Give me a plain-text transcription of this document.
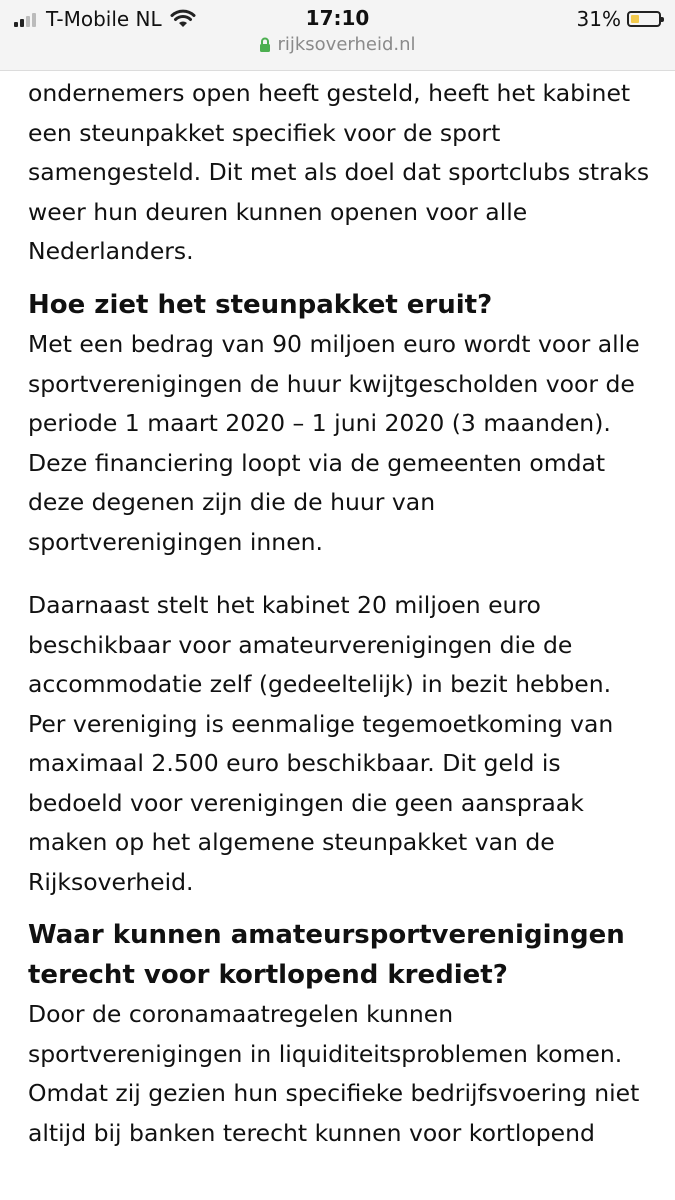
ondernemers open heeft gesteld, heeft het kabinet een steunpakket specifiek voor de sport samengesteld. Dit met als doel dat sportclubs straks weer hun deuren kunnen openen voor alle Nederlanders.

Hoe ziet het steunpakket eruit?

Met een bedrag van 90 miljoen euro wordt voor alle sportverenigingen de huur kwijtgescholden voor de periode 1 maart 2020 – 1 juni 2020 (3 maanden). Deze financiering loopt via de gemeenten omdat deze degenen zijn die de huur van sportverenigingen innen.

Daarnaast stelt het kabinet 20 miljoen euro beschikbaar voor amateurverenigingen die de accommodatie zelf (gedeeltelijk) in bezit hebben. Per vereniging is eenmalige tegemoetkoming van maximaal 2.500 euro beschikbaar. Dit geld is bedoeld voor verenigingen die geen aanspraak maken op het algemene steunpakket van de Rijksoverheid.

Waar kunnen amateursportverenigingen terecht voor kortlopend krediet?

Door de coronamaatregelen kunnen sportverenigingen in liquiditeitsproblemen komen. Omdat zij gezien hun specifieke bedrijfsvoering niet altijd bij banken terecht kunnen voor kortlopend

T-Mobile NL	17:10	31%
rijksoverheid.nl
